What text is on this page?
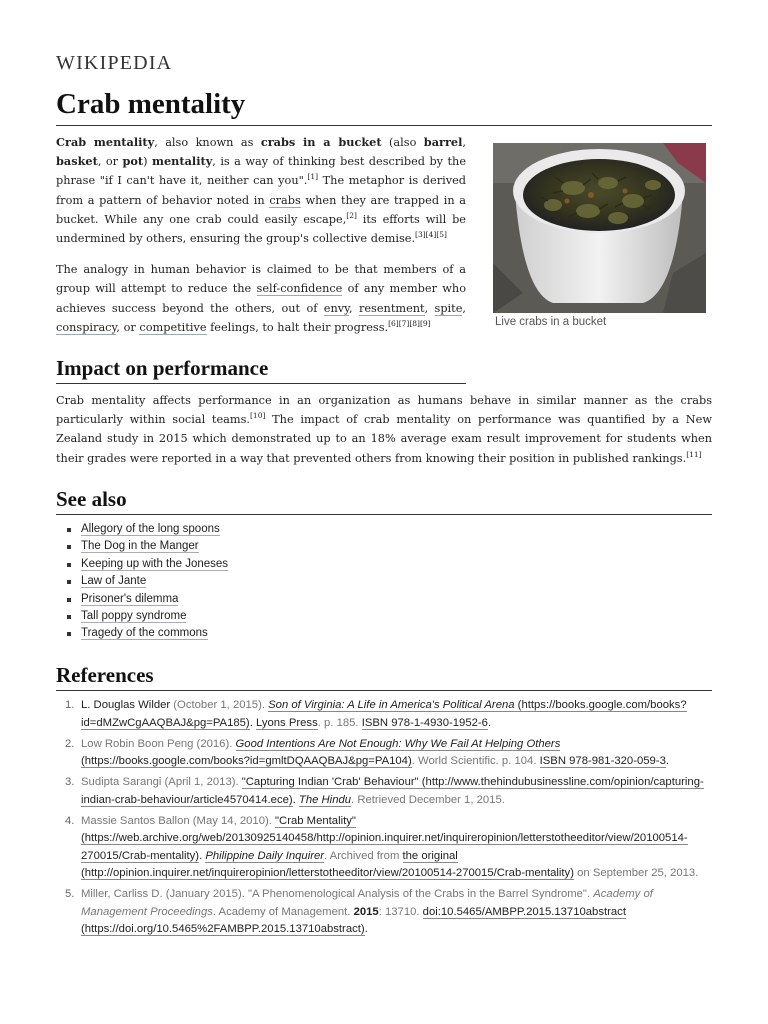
WIKIPEDIA
Crab mentality

Crab mentality, also known as crabs in a bucket (also barrel, basket, or pot) mentality, is a way of thinking best described by the phrase "if I can't have it, neither can you".[1] The metaphor is derived from a pattern of behavior noted in crabs when they are trapped in a bucket. While any one crab could easily escape,[2] its efforts will be undermined by others, ensuring the group's collective demise.[3][4][5]

The analogy in human behavior is claimed to be that members of a group will attempt to reduce the self-confidence of any member who achieves success beyond the others, out of envy, resentment, spite, conspiracy, or competitive feelings, to halt their progress.[6][7][8][9]	Live crabs in a bucket
Impact on performance

Crab mentality affects performance in an organization as humans behave in similar manner as the crabs particularly within social teams.[10] The impact of crab mentality on performance was quantified by a New Zealand study in 2015 which demonstrated up to an 18% average exam result improvement for students when their grades were reported in a way that prevented others from knowing their position in published rankings.[11]

See also
Allegory of the long spoons
The Dog in the Manger
Keeping up with the Joneses
Law of Jante
Prisoner's dilemma
Tall poppy syndrome
Tragedy of the commons
References
1. L. Douglas Wilder (October 1, 2015). Son of Virginia: A Life in America's Political Arena (https://books.google.com/books?id=dMZwCgAAQBAJ&pg=PA185). Lyons Press. p. 185. ISBN 978-1-4930-1952-6.
2. Low Robin Boon Peng (2016). Good Intentions Are Not Enough: Why We Fail At Helping Others (https://books.google.com/books?id=gmltDQAAQBAJ&pg=PA104). World Scientific. p. 104. ISBN 978-981-320-059-3.
3. Sudipta Sarangi (April 1, 2013). "Capturing Indian 'Crab' Behaviour" (http://www.thehindubusinessline.com/opinion/capturing-indian-crab-behaviour/article4570414.ece). The Hindu. Retrieved December 1, 2015.
4. Massie Santos Ballon (May 14, 2010). "Crab Mentality" (https://web.archive.org/web/20130925140458/http://opinion.inquirer.net/inquireropinion/letterstotheeditor/view/20100514-270015/Crab-mentality). Philippine Daily Inquirer. Archived from the original (http://opinion.inquirer.net/inquireropinion/letterstotheeditor/view/20100514-270015/Crab-mentality) on September 25, 2013.
5. Miller, Carliss D. (January 2015). "A Phenomenological Analysis of the Crabs in the Barrel Syndrome". Academy of Management Proceedings. Academy of Management. 2015: 13710. doi:10.5465/AMBPP.2015.13710abstract (https://doi.org/10.5465%2FAMBPP.2015.13710abstract).
